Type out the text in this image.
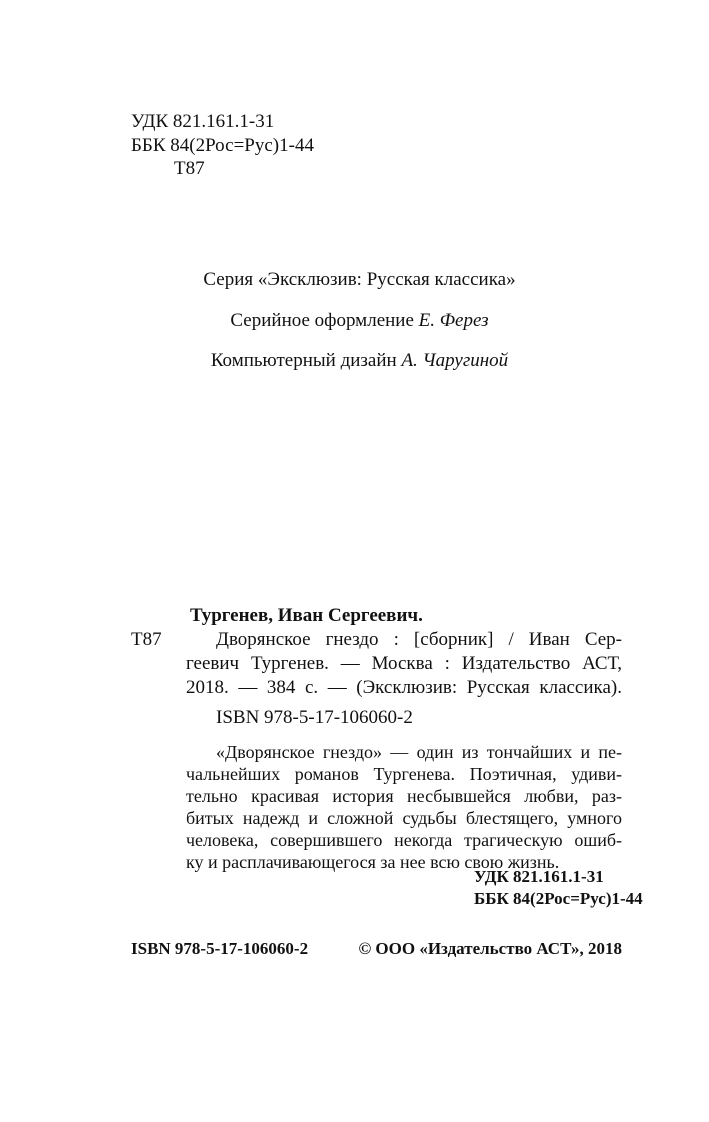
УДК 821.161.1-31
ББК 84(2Рос=Рус)1-44
Т87
Серия «Эксклюзив: Русская классика»
Серийное оформление Е. Ферез
Компьютерный дизайн А. Чаругиной
Тургенев, Иван Сергеевич.
Т87	Дворянское гнездо : [сборник] / Иван Сер-
геевич Тургенев. — Москва : Издательство АСТ,
2018. — 384 с. — (Эксклюзив: Русская классика).
ISBN 978-5-17-106060-2
«Дворянское гнездо» — один из тончайших и пе-
чальнейших романов Тургенева. Поэтичная, удиви-
тельно красивая история несбывшейся любви, раз-
битых надежд и сложной судьбы блестящего, умного
человека, совершившего некогда трагическую ошиб-
ку и расплачивающегося за нее всю свою жизнь.
УДК 821.161.1-31
ББК 84(2Рос=Рус)1-44
ISBN 978-5-17-106060-2	© ООО «Издательство АСТ», 2018
